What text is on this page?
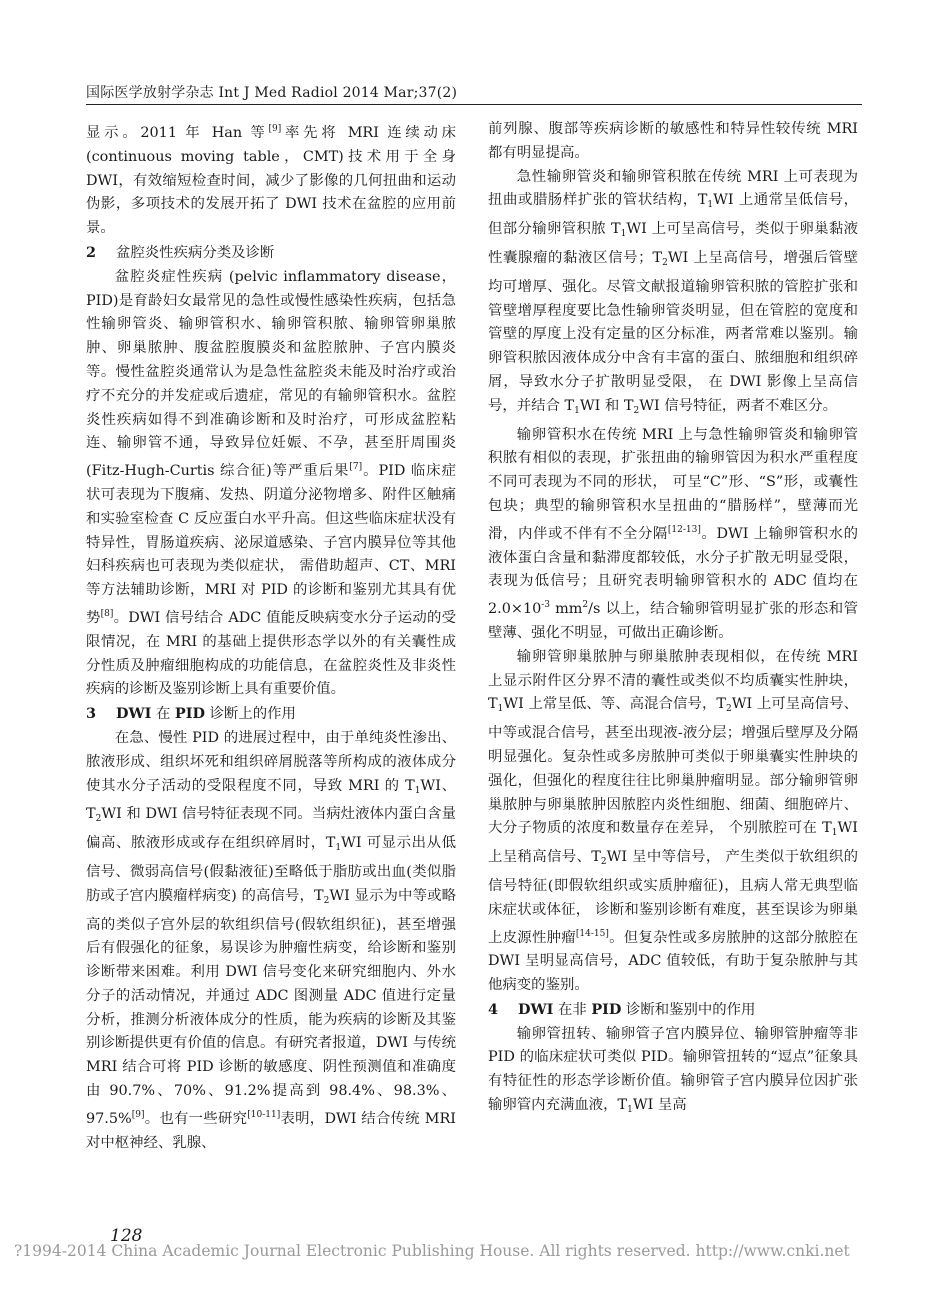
国际医学放射学杂志 Int J Med Radiol 2014 Mar;37(2)

显示。2011 年 Han 等[9]率先将 MRI 连续动床(continuous moving table，CMT)技术用于全身 DWI，有效缩短检查时间，减少了影像的几何扭曲和运动伪影，多项技术的发展开拓了 DWI 技术在盆腔的应用前景。

2 盆腔炎性疾病分类及诊断

盆腔炎症性疾病 (pelvic inflammatory disease，PID)是育龄妇女最常见的急性或慢性感染性疾病，包括急性输卵管炎、输卵管积水、输卵管积脓、输卵管卵巢脓肿、卵巢脓肿、腹盆腔腹膜炎和盆腔脓肿、子宫内膜炎等。慢性盆腔炎通常认为是急性盆腔炎未能及时治疗或治疗不充分的并发症或后遗症，常见的有输卵管积水。盆腔炎性疾病如得不到准确诊断和及时治疗，可形成盆腔粘连、输卵管不通，导致异位妊娠、不孕，甚至肝周围炎(Fitz-Hugh-Curtis 综合征)等严重后果[7]。PID 临床症状可表现为下腹痛、发热、阴道分泌物增多、附件区触痛和实验室检查 C 反应蛋白水平升高。但这些临床症状没有特异性，胃肠道疾病、泌尿道感染、子宫内膜异位等其他妇科疾病也可表现为类似症状， 需借助超声、CT、MRI 等方法辅助诊断，MRI 对 PID 的诊断和鉴别尤其具有优势[8]。DWI 信号结合 ADC 值能反映病变水分子运动的受限情况，在 MRI 的基础上提供形态学以外的有关囊性成分性质及肿瘤细胞构成的功能信息，在盆腔炎性及非炎性疾病的诊断及鉴别诊断上具有重要价值。

3 DWI 在 PID 诊断上的作用

在急、慢性 PID 的进展过程中，由于单纯炎性渗出、脓液形成、组织坏死和组织碎屑脱落等所构成的液体成分使其水分子活动的受限程度不同，导致 MRI 的 $T_1WI$、$T_2WI$ 和 DWI 信号特征表现不同。当病灶液体内蛋白含量偏高、脓液形成或存在组织碎屑时，$T_1WI$ 可显示出从低信号、微弱高信号(假黏液征)至略低于脂肪或出血(类似脂肪或子宫内膜瘤样病变) 的高信号，$T_2WI$ 显示为中等或略高的类似子宫外层的软组织信号(假软组织征)，甚至增强后有假强化的征象，易误诊为肿瘤性病变，给诊断和鉴别诊断带来困难。利用 DWI 信号变化来研究细胞内、外水分子的活动情况，并通过 ADC 图测量 ADC 值进行定量分析，推测分析液体成分的性质，能为疾病的诊断及其鉴别诊断提供更有价值的信息。有研究者报道，DWI 与传统 MRI 结合可将 PID 诊断的敏感度、阴性预测值和准确度由 90.7%、70%、91.2%提高到 98.4%、98.3%、97.5%[9]。也有一些研究[10-11]表明，DWI 结合传统 MRI 对中枢神经、乳腺、

前列腺、腹部等疾病诊断的敏感性和特异性较传统 MRI 都有明显提高。

急性输卵管炎和输卵管积脓在传统 MRI 上可表现为扭曲或腊肠样扩张的管状结构，$T_1WI$ 上通常呈低信号，但部分输卵管积脓 $T_1WI$ 上可呈高信号，类似于卵巢黏液性囊腺瘤的黏液区信号；$T_2WI$ 上呈高信号，增强后管壁均可增厚、强化。尽管文献报道输卵管积脓的管腔扩张和管壁增厚程度要比急性输卵管炎明显，但在管腔的宽度和管壁的厚度上没有定量的区分标准，两者常难以鉴别。输卵管积脓因液体成分中含有丰富的蛋白、脓细胞和组织碎屑，导致水分子扩散明显受限， 在 DWI 影像上呈高信号，并结合 $T_1WI$ 和 $T_2WI$ 信号特征，两者不难区分。

输卵管积水在传统 MRI 上与急性输卵管炎和输卵管积脓有相似的表现，扩张扭曲的输卵管因为积水严重程度不同可表现为不同的形状， 可呈“C”形、“S”形，或囊性包块；典型的输卵管积水呈扭曲的“腊肠样”，壁薄而光滑，内伴或不伴有不全分隔[12-13]。DWI 上输卵管积水的液体蛋白含量和黏滞度都较低，水分子扩散无明显受限，表现为低信号；且研究表明输卵管积水的 ADC 值均在 $2.0\times 10^{-3}$ $mm^2/s$ 以上，结合输卵管明显扩张的形态和管壁薄、强化不明显，可做出正确诊断。

输卵管卵巢脓肿与卵巢脓肿表现相似，在传统 MRI 上显示附件区分界不清的囊性或类似不均质囊实性肿块，$T_1WI$ 上常呈低、等、高混合信号，$T_2WI$ 上可呈高信号、中等或混合信号，甚至出现液-液分层；增强后壁厚及分隔明显强化。复杂性或多房脓肿可类似于卵巢囊实性肿块的强化，但强化的程度往往比卵巢肿瘤明显。部分输卵管卵巢脓肿与卵巢脓肿因脓腔内炎性细胞、细菌、细胞碎片、大分子物质的浓度和数量存在差异， 个别脓腔可在 $T_1WI$ 上呈稍高信号、$T_2WI$ 呈中等信号， 产生类似于软组织的信号特征(即假软组织或实质肿瘤征)，且病人常无典型临床症状或体征， 诊断和鉴别诊断有难度，甚至误诊为卵巢上皮源性肿瘤[14-15]。但复杂性或多房脓肿的这部分脓腔在 DWI 呈明显高信号，ADC 值较低，有助于复杂脓肿与其他病变的鉴别。

4 DWI 在非 PID 诊断和鉴别中的作用

输卵管扭转、输卵管子宫内膜异位、输卵管肿瘤等非 PID 的临床症状可类似 PID。输卵管扭转的“逗点”征象具有特征性的形态学诊断价值。输卵管子宫内膜异位因扩张输卵管内充满血液，$T_1WI$ 呈高

128
?1994-2014 China Academic Journal Electronic Publishing House. All rights reserved. http://www.cnki.net
